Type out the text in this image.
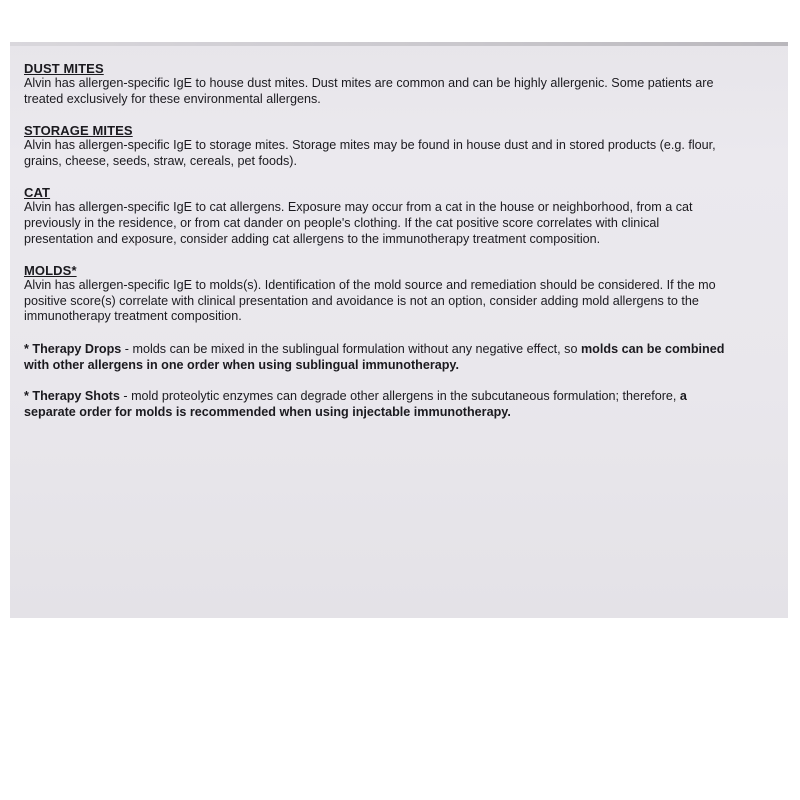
DUST MITES
Alvin has allergen-specific IgE to house dust mites. Dust mites are common and can be highly allergenic. Some patients are
treated exclusively for these environmental allergens.
STORAGE MITES
Alvin has allergen-specific IgE to storage mites. Storage mites may be found in house dust and in stored products (e.g. flour,
grains, cheese, seeds, straw, cereals, pet foods).
CAT
Alvin has allergen-specific IgE to cat allergens. Exposure may occur from a cat in the house or neighborhood, from a cat
previously in the residence, or from cat dander on people's clothing. If the cat positive score correlates with clinical
presentation and exposure, consider adding cat allergens to the immunotherapy treatment composition.
MOLDS*
Alvin has allergen-specific IgE to molds(s). Identification of the mold source and remediation should be considered. If the mo
positive score(s) correlate with clinical presentation and avoidance is not an option, consider adding mold allergens to the
immunotherapy treatment composition.
* Therapy Drops - molds can be mixed in the sublingual formulation without any negative effect, so molds can be combined
with other allergens in one order when using sublingual immunotherapy.
* Therapy Shots - mold proteolytic enzymes can degrade other allergens in the subcutaneous formulation; therefore, a
separate order for molds is recommended when using injectable immunotherapy.
